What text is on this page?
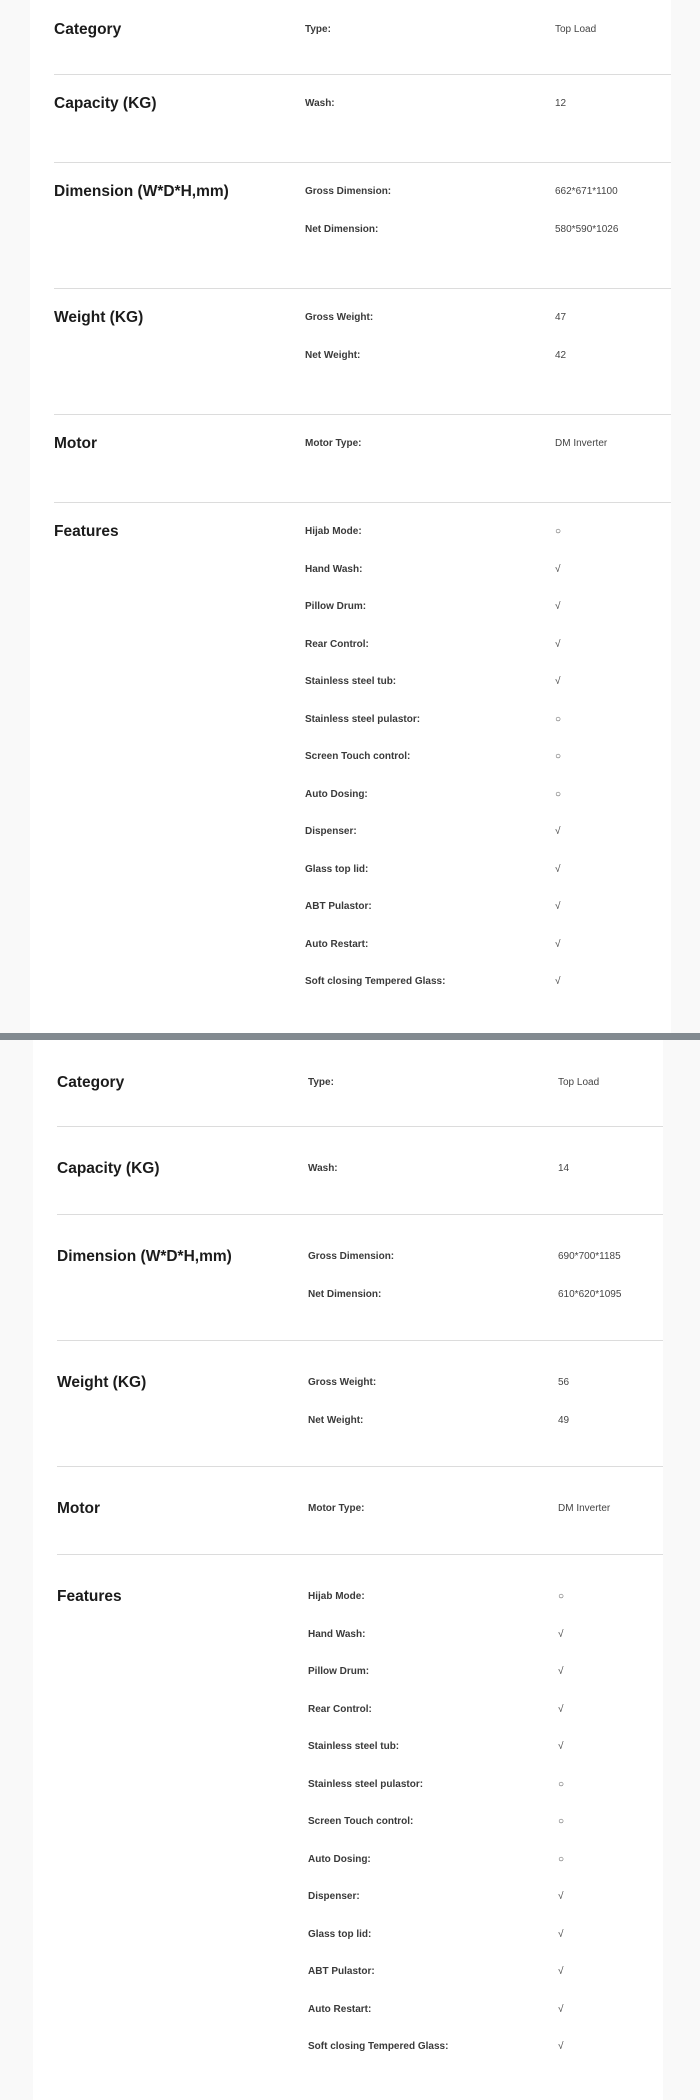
Category	Type:	Top Load
Capacity (KG)	Wash:	12
Dimension (W*D*H,mm)	Gross Dimension:	662*671*1100
Net Dimension:	580*590*1026
Weight (KG)	Gross Weight:	47
Net Weight:	42
Motor	Motor Type:	DM Inverter
Features	Hijab Mode:	○
Hand Wash:	√
Pillow Drum:	√
Rear Control:	√
Stainless steel tub:	√
Stainless steel pulastor:	○
Screen Touch control:	○
Auto Dosing:	○
Dispenser:	√
Glass top lid:	√
ABT Pulastor:	√
Auto Restart:	√
Soft closing Tempered Glass:	√
Category	Type:	Top Load
Capacity (KG)	Wash:	14
Dimension (W*D*H,mm)	Gross Dimension:	690*700*1185
Net Dimension:	610*620*1095
Weight (KG)	Gross Weight:	56
Net Weight:	49
Motor	Motor Type:	DM Inverter
Features	Hijab Mode:	○
Hand Wash:	√
Pillow Drum:	√
Rear Control:	√
Stainless steel tub:	√
Stainless steel pulastor:	○
Screen Touch control:	○
Auto Dosing:	○
Dispenser:	√
Glass top lid:	√
ABT Pulastor:	√
Auto Restart:	√
Soft closing Tempered Glass:	√
